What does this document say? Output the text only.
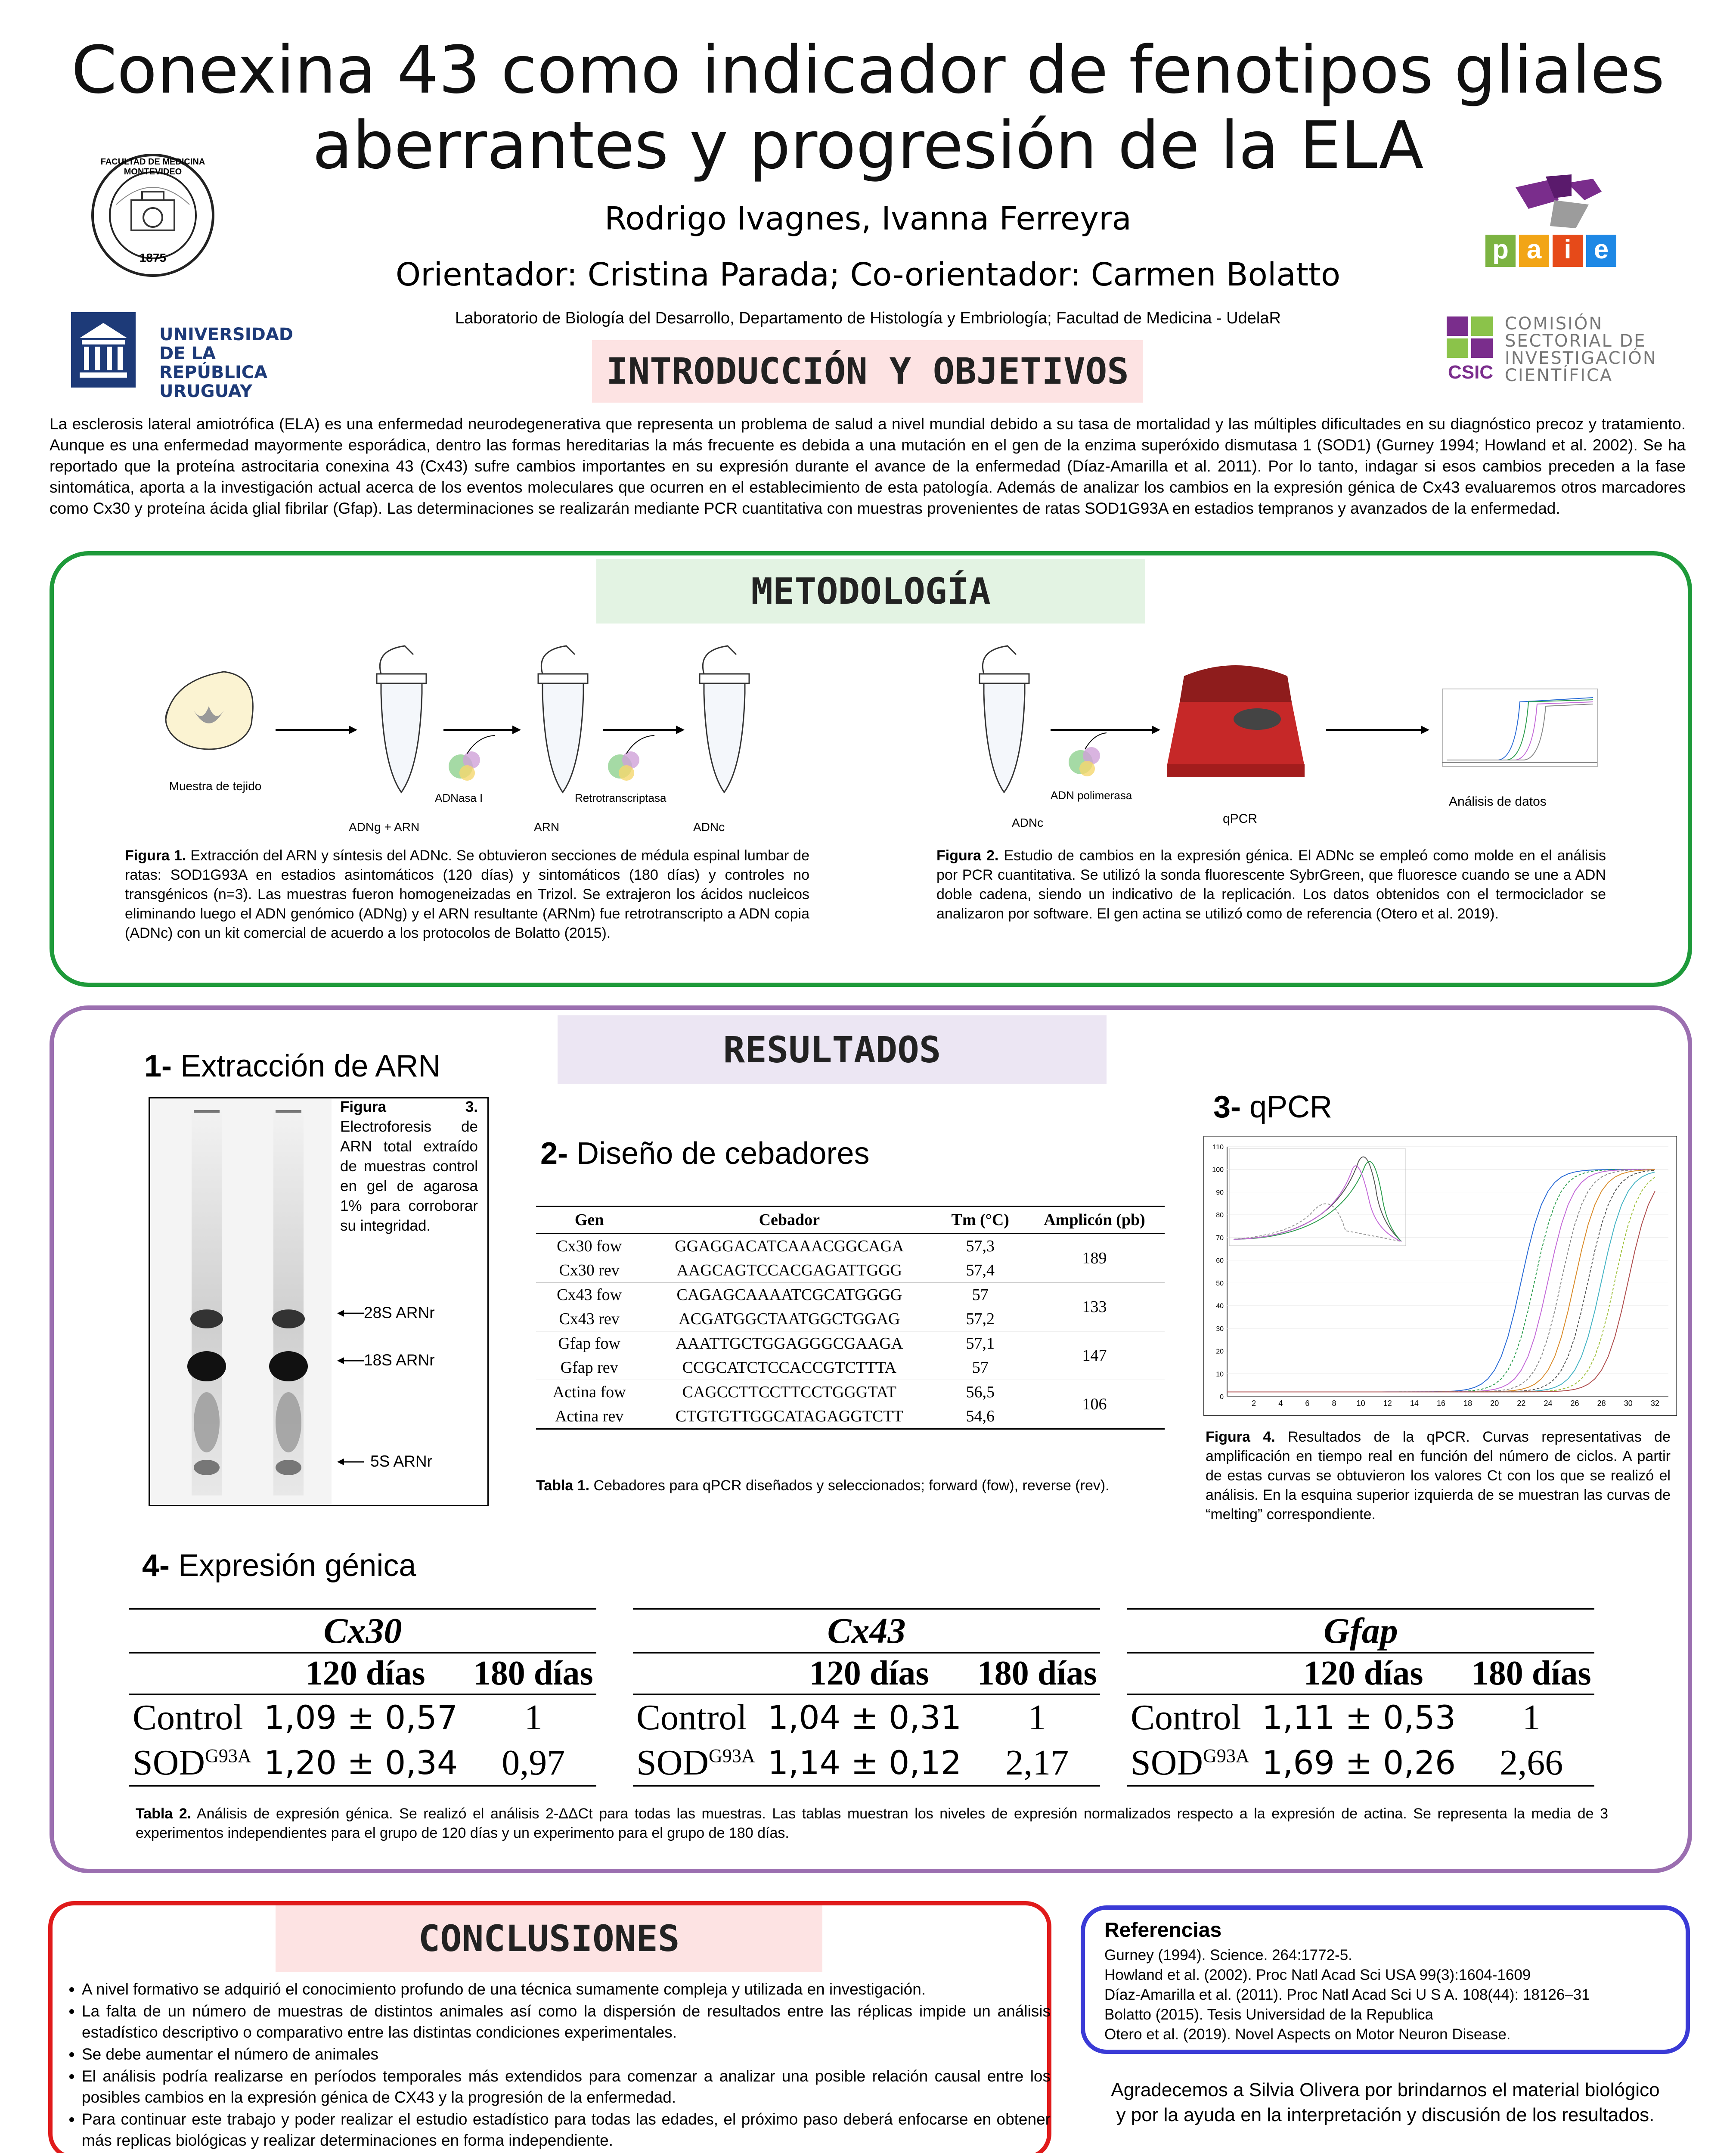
Conexina 43 como indicador de fenotipos gliales
aberrantes y progresión de la ELA
Rodrigo Ivagnes, Ivanna Ferreyra
Orientador: Cristina Parada; Co-orientador: Carmen Bolatto
Laboratorio de Biología del Desarrollo, Departamento de Histología y Embriología; Facultad de Medicina - UdelaR
FACULTAD DE MEDICINA MONTEVIDEO
1875
UNIVERSIDAD
DE LA REPÚBLICA
URUGUAY
p a i e
CSIC
COMISIÓN
SECTORIAL DE
INVESTIGACIÓN
CIENTÍFICA
INTRODUCCIÓN Y OBJETIVOS
La esclerosis lateral amiotrófica (ELA) es una enfermedad neurodegenerativa que representa un problema de salud a nivel mundial debido a su tasa de mortalidad y las múltiples dificultades en su diagnóstico precoz y tratamiento. Aunque es una enfermedad mayormente esporádica, dentro las formas hereditarias la más frecuente es debida a una mutación en el gen de la enzima superóxido dismutasa 1 (SOD1) (Gurney 1994; Howland et al. 2002). Se ha reportado que la proteína astrocitaria conexina 43 (Cx43) sufre cambios importantes en su expresión durante el avance de la enfermedad (Díaz-Amarilla et al. 2011). Por lo tanto, indagar si esos cambios preceden a la fase sintomática, aporta a la investigación actual acerca de los eventos moleculares que ocurren en el establecimiento de esta patología. Además de analizar los cambios en la expresión génica de Cx43 evaluaremos otros marcadores como Cx30 y proteína ácida glial fibrilar (Gfap). Las determinaciones se realizarán mediante PCR cuantitativa con muestras provenientes de ratas SOD1G93A en estadios tempranos y avanzados de la enfermedad.
METODOLOGÍA
Muestra de tejido
ADNasa I	Retrotranscriptasa
ADNg + ARN	ARN	ADNc	ADNc
ADN polimerasa
qPCR
Análisis de datos
Figura 1. Extracción del ARN y síntesis del ADNc. Se obtuvieron secciones de médula espinal lumbar de ratas: SOD1G93A en estadios asintomáticos (120 días) y sintomáticos (180 días) y controles no transgénicos (n=3). Las muestras fueron homogeneizadas en Trizol. Se extrajeron los ácidos nucleicos eliminando luego el ADN genómico (ADNg) y el ARN resultante (ARNm) fue retrotranscripto a ADN copia (ADNc) con un kit comercial de acuerdo a los protocolos de Bolatto (2015).
Figura 2. Estudio de cambios en la expresión génica. El ADNc se empleó como molde en el análisis por PCR cuantitativa. Se utilizó la sonda fluorescente SybrGreen, que fluoresce cuando se une a ADN doble cadena, siendo un indicativo de la replicación. Los datos obtenidos con el termociclador se analizaron por software. El gen actina se utilizó como de referencia (Otero et al. 2019).
RESULTADOS
1- Extracción de ARN
Figura 3. Electroforesis de ARN total extraído de muestras control en gel de agarosa 1% para corroborar su integridad.
28S ARNr
18S ARNr
5S ARNr
2- Diseño de cebadores
Gen	Cebador	Tm (°C)	Amplicón (pb)
Cx30 fow	GGAGGACATCAAACGGCAGA	57,3	189
Cx30 rev	AAGCAGTCCACGAGATTGGG	57,4	
Cx43 fow	CAGAGCAAAATCGCATGGGG	57	133
Cx43 rev	ACGATGGCTAATGGCTGGAG	57,2	
Gfap fow	AAATTGCTGGAGGGCGAAGA	57,1	147
Gfap rev	CCGCATCTCCACCGTCTTTA	57	
Actina fow	CAGCCTTCCTTCCTGGGTAT	56,5	106
Actina rev	CTGTGTTGGCATAGAGGTCTT	54,6	
Tabla 1. Cebadores para qPCR diseñados y seleccionados; forward (fow), reverse (rev).
3- qPCR
0
10
20
30
40
50
60
70
80
90
100
110
2	4	6	8	10 12 14 16 18 20 22 24 26 28 30 32
Figura 4. Resultados de la qPCR. Curvas representativas de amplificación en tiempo real en función del número de ciclos. A partir de estas curvas se obtuvieron los valores Ct con los que se realizó el análisis. En la esquina superior izquierda de se muestran las curvas de “melting” correspondiente.
4- Expresión génica
Cx30		
	120 días	180 días
Control	1,09 ± 0,57	1
$SOD^{G93A}$	1,20 ± 0,34	0,97
Cx43		
	120 días	180 días
Control	1,04 ± 0,31	1
$SOD^{G93A}$	1,14 ± 0,12	2,17
Gfap		
	120 días	180 días
Control	1,11 ± 0,53	1
$SOD^{G93A}$	1,69 ± 0,26	2,66
Tabla 2. Análisis de expresión génica. Se realizó el análisis 2-ΔΔCt para todas las muestras. Las tablas muestran los niveles de expresión normalizados respecto a la expresión de actina. Se representa la media de 3 experimentos independientes para el grupo de 120 días y un experimento para el grupo de 180 días.
CONCLUSIONES
• A nivel formativo se adquirió el conocimiento profundo de una técnica sumamente compleja y utilizada en investigación.
• La falta de un número de muestras de distintos animales así como la dispersión de resultados entre las réplicas impide un análisis estadístico descriptivo o comparativo entre las distintas condiciones experimentales.
• Se debe aumentar el número de animales
• El análisis podría realizarse en períodos temporales más extendidos para comenzar a analizar una posible relación causal entre los posibles cambios en la expresión génica de CX43 y la progresión de la enfermedad.
• Para continuar este trabajo y poder realizar el estudio estadístico para todas las edades, el próximo paso deberá enfocarse en obtener más replicas biológicas y realizar determinaciones en forma independiente.
Referencias
Gurney (1994). Science. 264:1772-5.
Howland et al. (2002). Proc Natl Acad Sci USA 99(3):1604-1609
Díaz-Amarilla et al. (2011). Proc Natl Acad Sci U S A. 108(44): 18126–31
Bolatto (2015). Tesis Universidad de la Republica
Otero et al. (2019). Novel Aspects on Motor Neuron Disease.
Agradecemos a Silvia Olivera por brindarnos el material biológico
y por la ayuda en la interpretación y discusión de los resultados.
